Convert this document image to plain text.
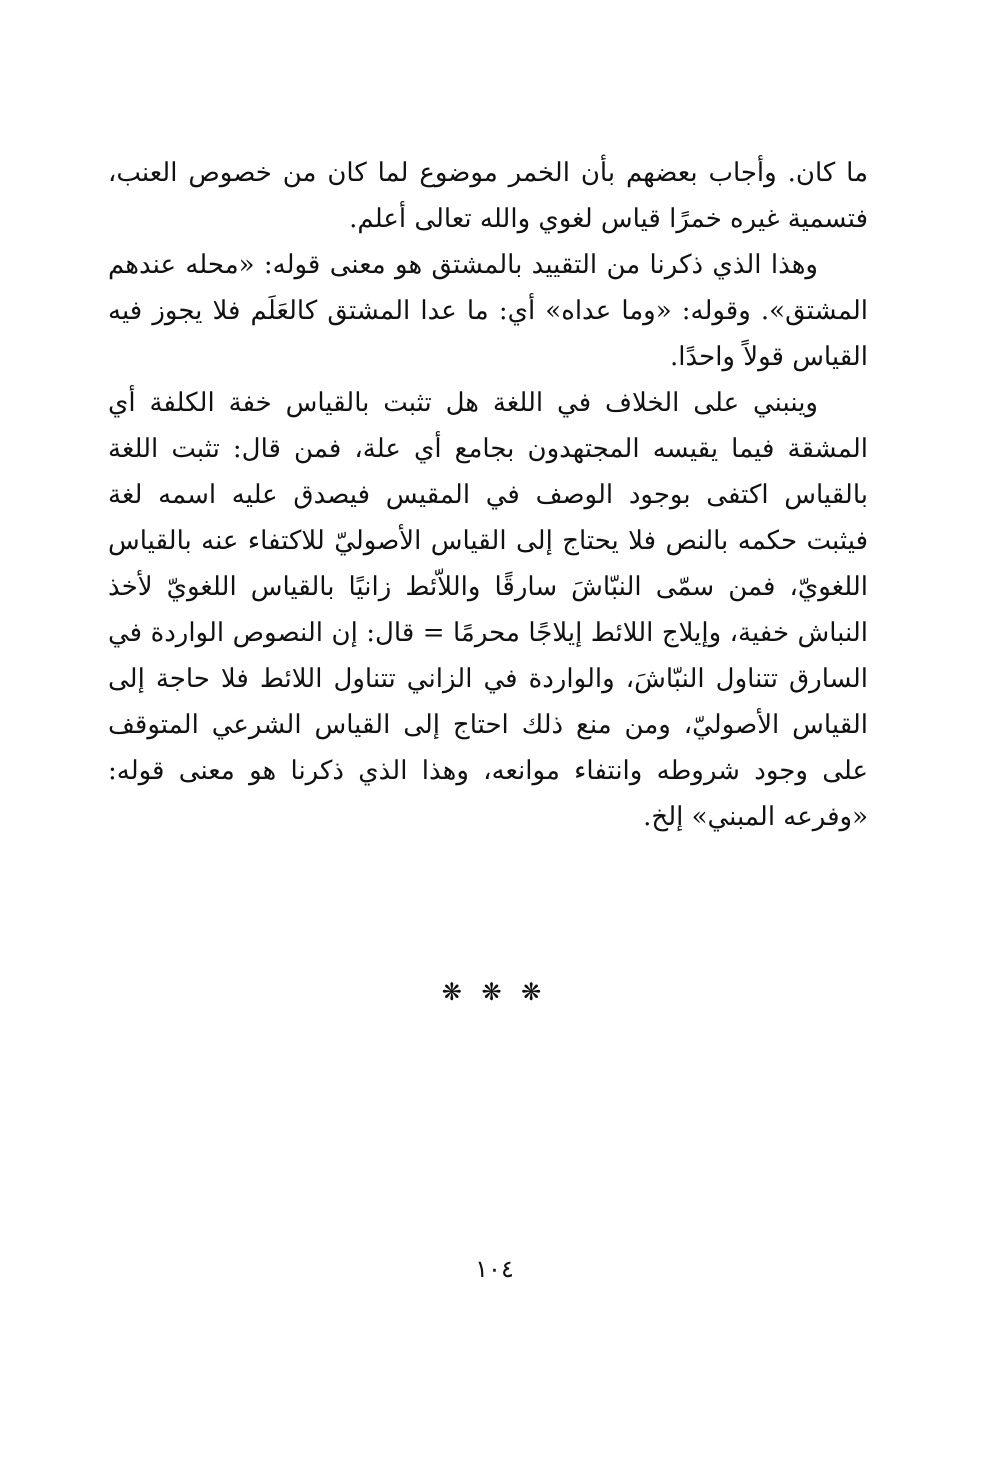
ما كان. وأجاب بعضهم بأن الخمر موضوع لما كان من خصوص العنب، فتسمية غيره خمرًا قياس لغوي والله تعالى أعلم.

وهذا الذي ذكرنا من التقييد بالمشتق هو معنى قوله: «محله عندهم المشتق». وقوله: «وما عداه» أي: ما عدا المشتق كالعَلَم فلا يجوز فيه القياس قولاً واحدًا.

وينبني على الخلاف في اللغة هل تثبت بالقياس خفة الكلفة أي المشقة فيما يقيسه المجتهدون بجامع أي علة، فمن قال: تثبت اللغة بالقياس اكتفى بوجود الوصف في المقيس فيصدق عليه اسمه لغة فيثبت حكمه بالنص فلا يحتاج إلى القياس الأصوليّ للاكتفاء عنه بالقياس اللغويّ، فمن سمّى النبّاشَ سارقًا واللاّئط زانيًا بالقياس اللغويّ لأخذ النباش خفية، وإيلاج اللائط إيلاجًا محرمًا = قال: إن النصوص الواردة في السارق تتناول النبّاشَ، والواردة في الزاني تتناول اللائط فلا حاجة إلى القياس الأصوليّ، ومن منع ذلك احتاج إلى القياس الشرعي المتوقف على وجود شروطه وانتفاء موانعه، وهذا الذي ذكرنا هو معنى قوله: «وفرعه المبني» إلخ.

❋ ❋ ❋
١٠٤
